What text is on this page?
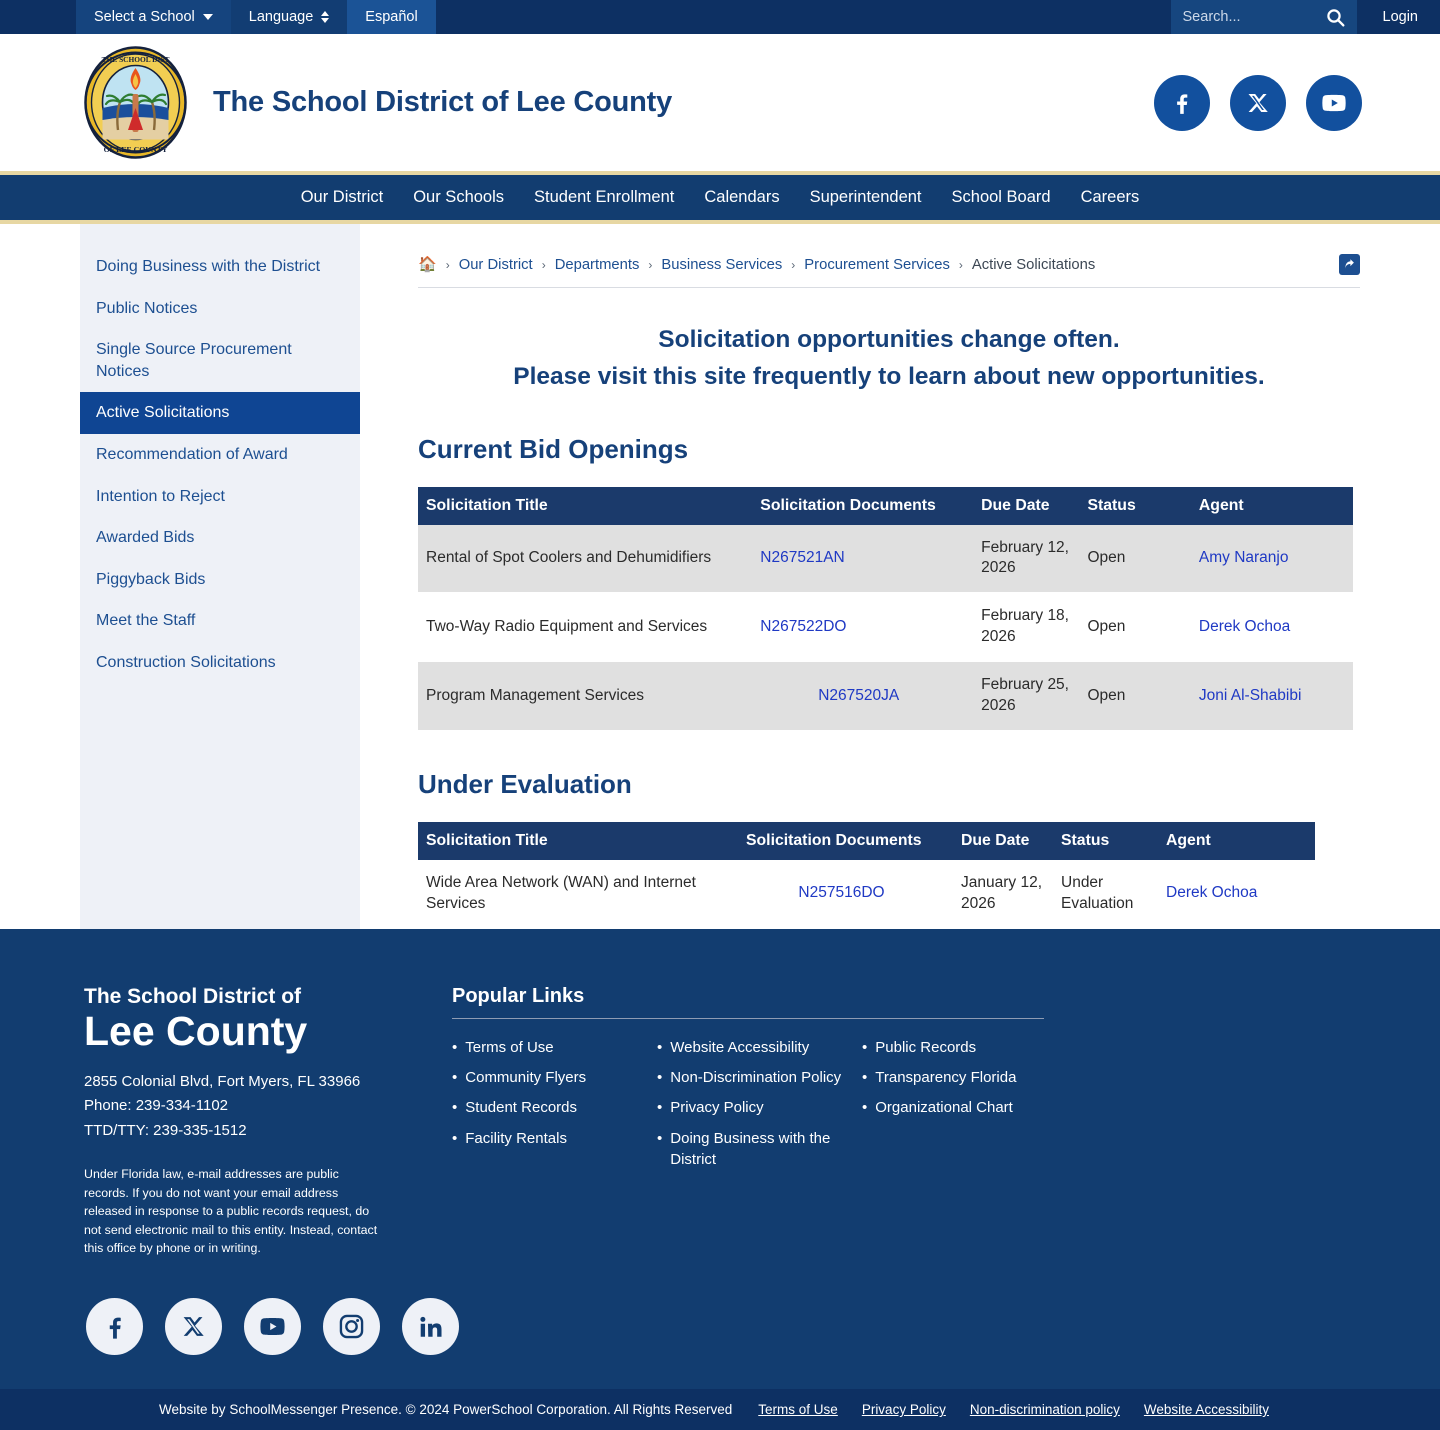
Select a School	Language	Español
Search...	Login
THE SCHOOL DIST
OF LEE COUNTY
The School District of Lee County
Our District	Our Schools	Student Enrollment	Calendars	Superintendent	School Board	Careers
Doing Business with the District
Public Notices
Single Source Procurement Notices
Active Solicitations
Recommendation of Award
Intention to Reject
Awarded Bids
Piggyback Bids
Meet the Staff
Construction Solicitations
🏠 › Our District › Departments › Business Services › Procurement Services › Active Solicitations
Solicitation opportunities change often.
Please visit this site frequently to learn about new opportunities.
Current Bid Openings
Solicitation Title	Solicitation Documents	Due Date	Status	Agent
Rental of Spot Coolers and Dehumidifiers	N267521AN	February 12, 2026	Open	Amy Naranjo
Two-Way Radio Equipment and Services	N267522DO	February 18, 2026	Open	Derek Ochoa
Program Management Services	N267520JA	February 25, 2026	Open	Joni Al-Shabibi
Under Evaluation
Solicitation Title	Solicitation Documents	Due Date	Status	Agent
Wide Area Network (WAN) and Internet Services	N257516DO	January 12, 2026	Under Evaluation	Derek Ochoa
The School District of
Lee County
2855 Colonial Blvd, Fort Myers, FL 33966
Phone: 239-334-1102
TTD/TTY: 239-335-1512
Under Florida law, e-mail addresses are public records. If you do not want your email address released in response to a public records request, do not send electronic mail to this entity. Instead, contact this office by phone or in writing.
Popular Links
• Terms of Use
• Community Flyers
• Student Records
• Facility Rentals
• Website Accessibility
• Non-Discrimination Policy
• Privacy Policy
• Doing Business with the District
• Public Records
• Transparency Florida
• Organizational Chart
Website by SchoolMessenger Presence. © 2024 PowerSchool Corporation. All Rights Reserved Terms of Use Privacy Policy Non-discrimination policy Website Accessibility
